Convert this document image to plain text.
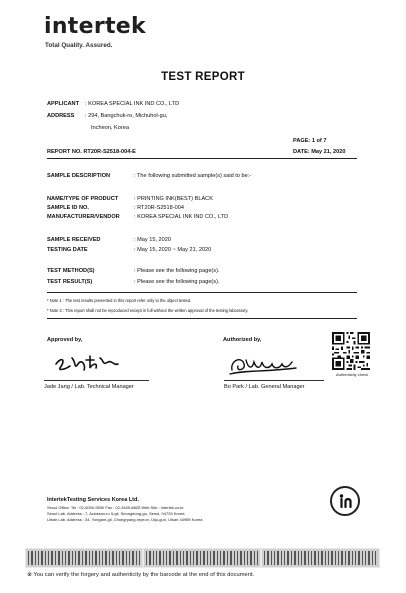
intertek
Total Quality. Assured.
TEST REPORT
APPLICANT : KOREA SPECIAL INK IND CO., LTD
ADDRESS : 294, Bangchuk-ro, Michuhol-gu,
Incheon, Korea
PAGE: 1 of 7
REPORT NO. RT20R-S2518-004-E	DATE: May 21, 2020
SAMPLE DESCRIPTION	: The following submitted sample(s) said to be:-
NAME/TYPE OF PRODUCT	: PRINTING INK(BEST) BLACK
SAMPLE ID NO.	: RT20R-S2518-004
MANUFACTURER/VENDOR	: KOREA SPECIAL INK IND CO., LTD
SAMPLE RECEIVED	: May 15, 2020
TESTING DATE	: May 15, 2020 ~ May 21, 2020
TEST METHOD(S)	: Please see the following page(s).
TEST RESULT(S)	: Please see the following page(s).
* Note 1 : The test results presented in this report refer only to the object tested.
* Note 2 : This report shall not be reproduced except in full without the written approval of the testing laboratory.
Approved by,	Authorized by,
Jade Jang / Lab. Technical Manager	Bo Park / Lab. General Manager
Authenticity check
IntertekTesting Services Korea Ltd.
Seoul Office: Tel : 02-6090-9550 Fax : 02-3409-8825 Web Site : intertek.co.kr
Seoul Lab. Address : 7, Achasan-ro 5-gil, Seongdong-gu, Seoul, 04793 Korea
Ulsan Lab. Address : 34, Yongam-gil, Chongryang-myeon, Ulju-gun, Ulsan 44989 Korea
※ You can verify the forgery and authenticity by the barcode at the end of this document.
